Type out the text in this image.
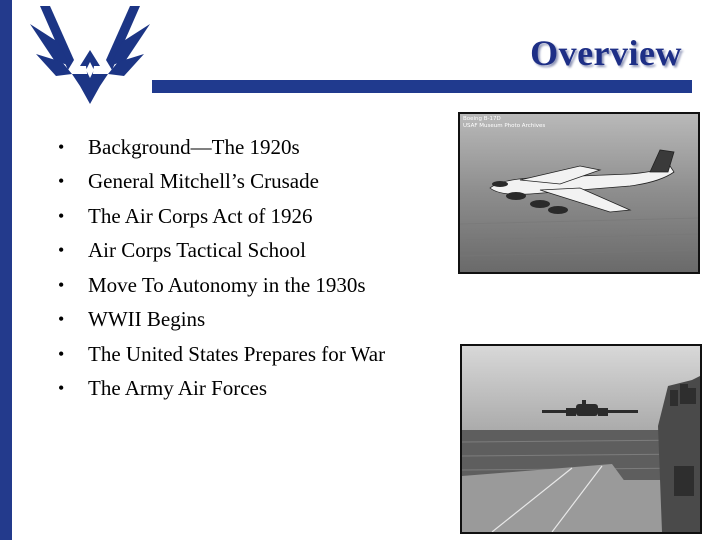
Overview
•	Background—The 1920s
•	General Mitchell’s Crusade
•	The Air Corps Act of 1926
•	Air Corps Tactical School
•	Move To Autonomy in the 1930s
•	WWII Begins
•	The United States Prepares for War
•	The Army Air Forces
Boeing B-17D
USAF Museum Photo Archives
